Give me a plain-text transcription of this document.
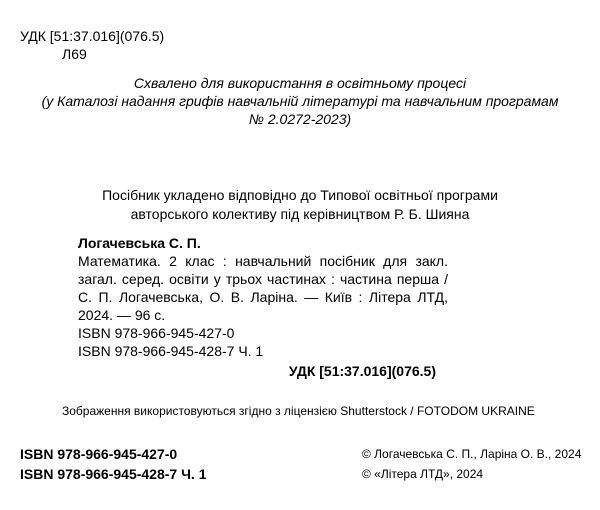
УДК [51:37.016](076.5)
Л69
Схвалено для використання в освітньому процесі
(у Каталозі надання грифів навчальній літературі та навчальним програмам
№ 2.0272-2023)
Посібник укладено відповідно до Типової освітньої програми
авторського колективу під керівництвом Р. Б. Шияна
Логачевська С. П.
Математика. 2 клас : навчальний посібник для закл. загал. серед. освіти у трьох частинах : частина перша / С. П. Логачевська, О. В. Ларіна. — Київ : Літера ЛТД, 2024. — 96 с.
ISBN 978-966-945-427-0
ISBN 978-966-945-428-7 Ч. 1
УДК [51:37.016](076.5)
Зображення використовуються згідно з ліцензією Shutterstock / FOTODOM UKRAINE
ISBN 978-966-945-427-0
ISBN 978-966-945-428-7 Ч. 1
© Логачевська С. П., Ларіна О. В., 2024
© «Літера ЛТД», 2024
